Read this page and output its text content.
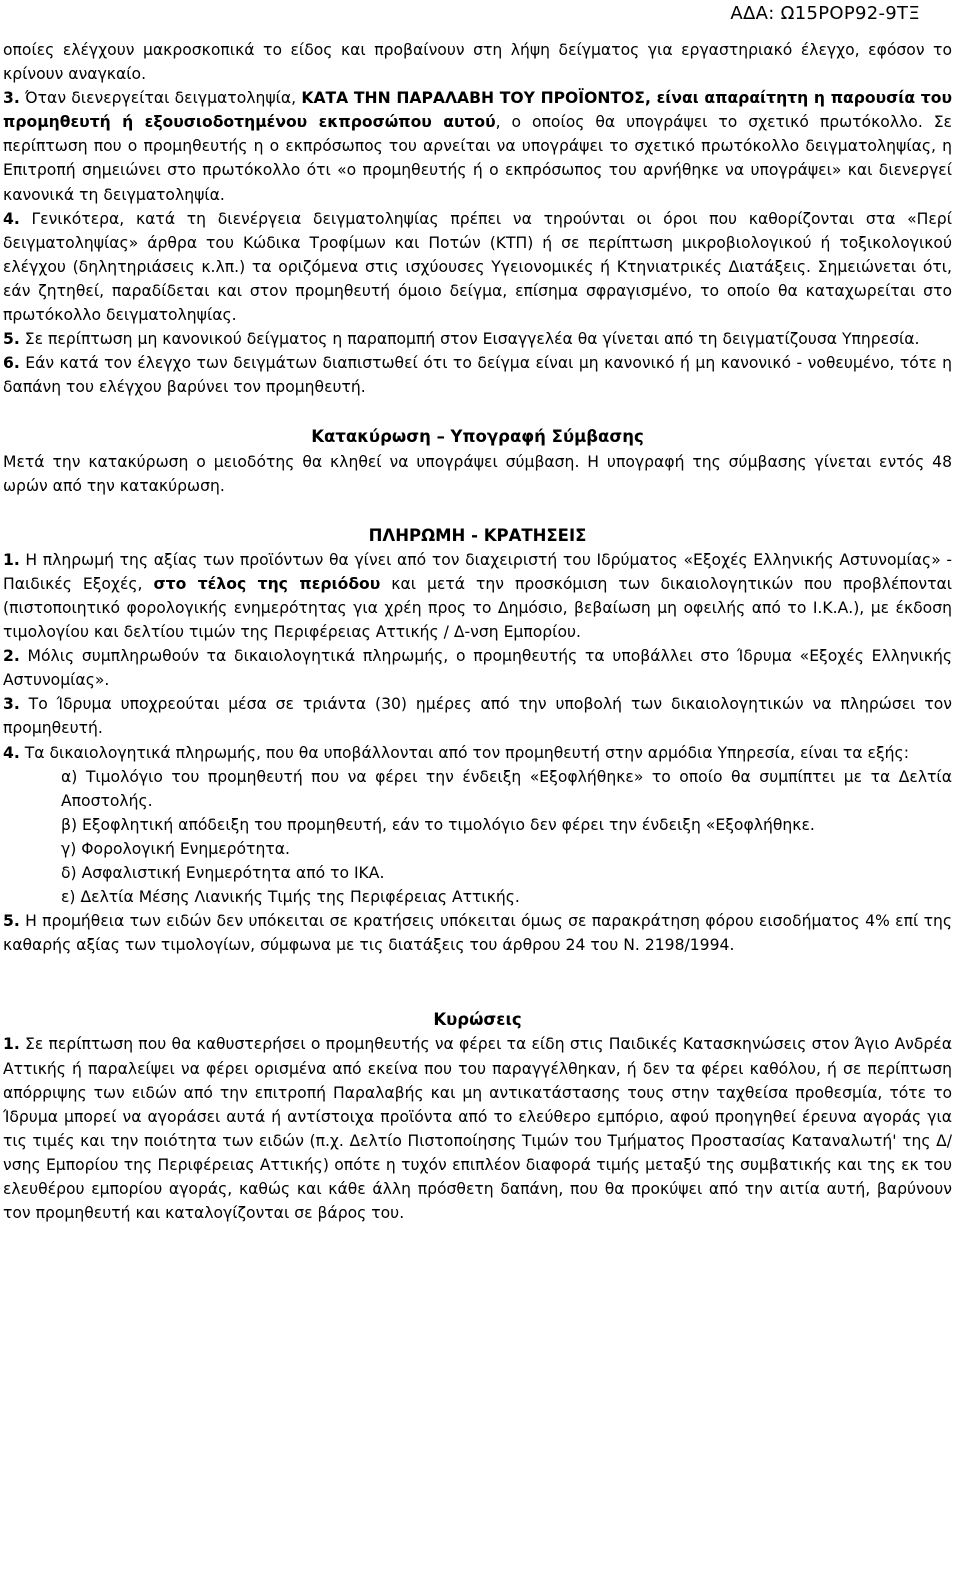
ΑΔΑ: Ω15ΡΟΡ92-9ΤΞ

οποίες ελέγχουν μακροσκοπικά το είδος και προβαίνουν στη λήψη δείγματος για εργαστηριακό έλεγχο, εφόσον το κρίνουν αναγκαίο.

3. Όταν διενεργείται δειγματοληψία, ΚΑΤΑ ΤΗΝ ΠΑΡΑΛΑΒΗ ΤΟΥ ΠΡΟΪΟΝΤΟΣ, είναι απαραίτητη η παρουσία του προμηθευτή ή εξουσιοδοτημένου εκπροσώπου αυτού, ο οποίος θα υπογράψει το σχετικό πρωτόκολλο. Σε περίπτωση που ο προμηθευτής η ο εκπρόσωπος του αρνείται να υπογράψει το σχετικό πρωτόκολλο δειγματοληψίας, η Επιτροπή σημειώνει στο πρωτόκολλο ότι «ο προμηθευτής ή ο εκπρόσωπος του αρνήθηκε να υπογράψει» και διενεργεί κανονικά τη δειγματοληψία.

4. Γενικότερα, κατά τη διενέργεια δειγματοληψίας πρέπει να τηρούνται οι όροι που καθορίζονται στα «Περί δειγματοληψίας» άρθρα του Κώδικα Τροφίμων και Ποτών (ΚΤΠ) ή σε περίπτωση μικροβιολογικού ή τοξικολογικού ελέγχου (δηλητηριάσεις κ.λπ.) τα οριζόμενα στις ισχύουσες Υγειονομικές ή Κτηνιατρικές Διατάξεις. Σημειώνεται ότι, εάν ζητηθεί, παραδίδεται και στον προμηθευτή όμοιο δείγμα, επίσημα σφραγισμένο, το οποίο θα καταχωρείται στο πρωτόκολλο δειγματοληψίας.

5. Σε περίπτωση μη κανονικού δείγματος η παραπομπή στον Εισαγγελέα θα γίνεται από τη δειγματίζουσα Υπηρεσία.

6. Εάν κατά τον έλεγχο των δειγμάτων διαπιστωθεί ότι το δείγμα είναι μη κανονικό ή μη κανονικό - νοθευμένο, τότε η δαπάνη του ελέγχου βαρύνει τον προμηθευτή.

Κατακύρωση – Υπογραφή Σύμβασης

Μετά την κατακύρωση ο μειοδότης θα κληθεί να υπογράψει σύμβαση. Η υπογραφή της σύμβασης γίνεται εντός 48 ωρών από την κατακύρωση.

ΠΛΗΡΩΜΗ - ΚΡΑΤΗΣΕΙΣ

1. Η πληρωμή της αξίας των προϊόντων θα γίνει από τον διαχειριστή του Ιδρύματος «Εξοχές Ελληνικής Αστυνομίας» - Παιδικές Εξοχές, στο τέλος της περιόδου και μετά την προσκόμιση των δικαιολογητικών που προβλέπονται (πιστοποιητικό φορολογικής ενημερότητας για χρέη προς το Δημόσιο, βεβαίωση μη οφειλής από το Ι.Κ.Α.), με έκδοση τιμολογίου και δελτίου τιμών της Περιφέρειας Αττικής / Δ-νση Εμπορίου.

2. Μόλις συμπληρωθούν τα δικαιολογητικά πληρωμής, ο προμηθευτής τα υποβάλλει στο Ίδρυμα «Εξοχές Ελληνικής Αστυνομίας».

3. Το Ίδρυμα υποχρεούται μέσα σε τριάντα (30) ημέρες από την υποβολή των δικαιολογητικών να πληρώσει τον προμηθευτή.

4. Τα δικαιολογητικά πληρωμής, που θα υποβάλλονται από τον προμηθευτή στην αρμόδια Υπηρεσία, είναι τα εξής:

α) Τιμολόγιο του προμηθευτή που να φέρει την ένδειξη «Εξοφλήθηκε» το οποίο θα συμπίπτει με τα Δελτία Αποστολής.

β) Εξοφλητική απόδειξη του προμηθευτή, εάν το τιμολόγιο δεν φέρει την ένδειξη «Εξοφλήθηκε.

γ) Φορολογική Ενημερότητα.

δ) Ασφαλιστική Ενημερότητα από το ΙΚΑ.

ε) Δελτία Μέσης Λιανικής Τιμής της Περιφέρειας Αττικής.

5. Η προμήθεια των ειδών δεν υπόκειται σε κρατήσεις υπόκειται όμως σε παρακράτηση φόρου εισοδήματος 4% επί της καθαρής αξίας των τιμολογίων, σύμφωνα με τις διατάξεις του άρθρου 24 του Ν. 2198/1994.

Κυρώσεις

1. Σε περίπτωση που θα καθυστερήσει ο προμηθευτής να φέρει τα είδη στις Παιδικές Κατασκηνώσεις στον Άγιο Ανδρέα Αττικής ή παραλείψει να φέρει ορισμένα από εκείνα που του παραγγέλθηκαν, ή δεν τα φέρει καθόλου, ή σε περίπτωση απόρριψης των ειδών από την επιτροπή Παραλαβής και μη αντικατάστασης τους στην ταχθείσα προθεσμία, τότε το Ίδρυμα μπορεί να αγοράσει αυτά ή αντίστοιχα προϊόντα από το ελεύθερο εμπόριο, αφού προηγηθεί έρευνα αγοράς για τις τιμές και την ποιότητα των ειδών (π.χ. Δελτίο Πιστοποίησης Τιμών του Τμήματος Προστασίας Καταναλωτή' της Δ/νσης Εμπορίου της Περιφέρειας Αττικής) οπότε η τυχόν επιπλέον διαφορά τιμής μεταξύ της συμβατικής και της εκ του ελευθέρου εμπορίου αγοράς, καθώς και κάθε άλλη πρόσθετη δαπάνη, που θα προκύψει από την αιτία αυτή, βαρύνουν τον προμηθευτή και καταλογίζονται σε βάρος του.
